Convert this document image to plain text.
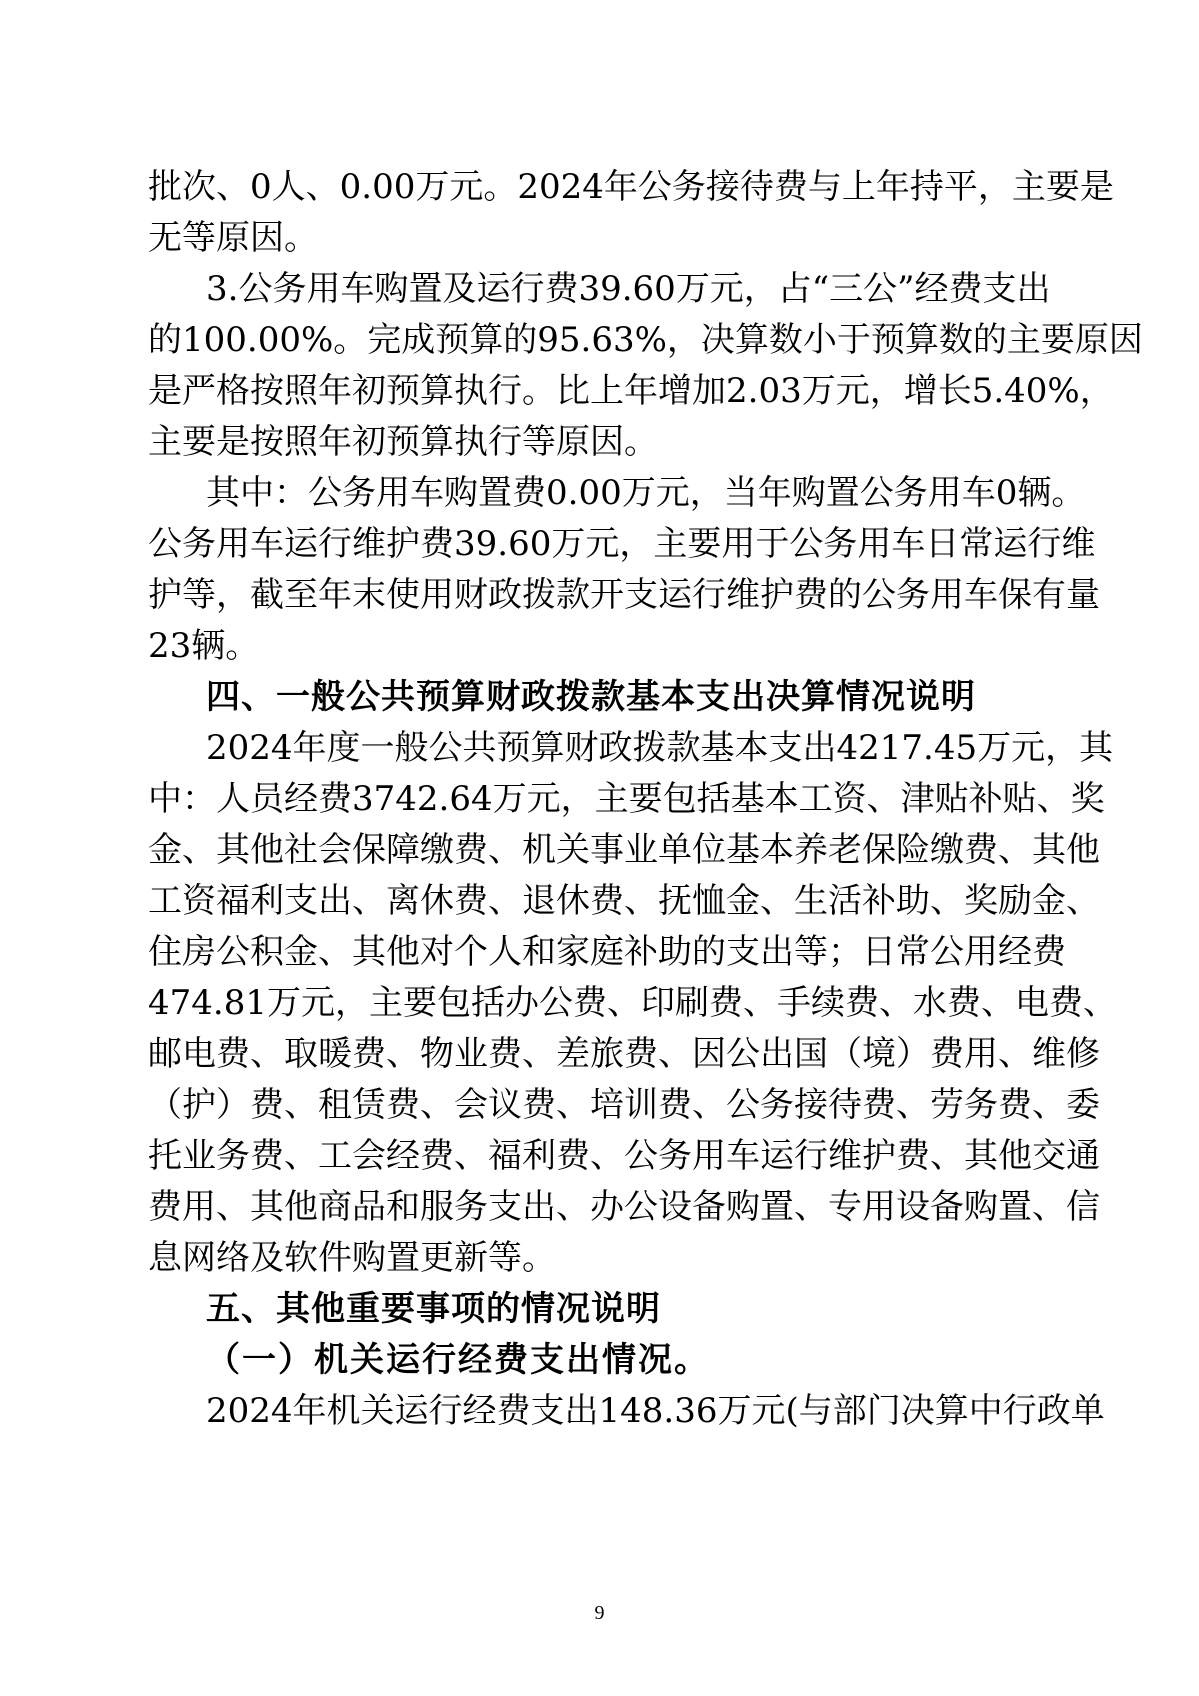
批次、0人、0.00万元。2024年公务接待费与上年持平，主要是
无等原因。
3.公务用车购置及运行费39.60万元，占“三公”经费支出
的100.00%。完成预算的95.63%，决算数小于预算数的主要原因
是严格按照年初预算执行。比上年增加2.03万元，增长5.40%，
主要是按照年初预算执行等原因。
其中：公务用车购置费0.00万元，当年购置公务用车0辆。
公务用车运行维护费39.60万元，主要用于公务用车日常运行维
护等，截至年末使用财政拨款开支运行维护费的公务用车保有量
23辆。
四、一般公共预算财政拨款基本支出决算情况说明
2024年度一般公共预算财政拨款基本支出4217.45万元，其
中：人员经费3742.64万元，主要包括基本工资、津贴补贴、奖
金、其他社会保障缴费、机关事业单位基本养老保险缴费、其他
工资福利支出、离休费、退休费、抚恤金、生活补助、奖励金、
住房公积金、其他对个人和家庭补助的支出等；日常公用经费
474.81万元，主要包括办公费、印刷费、手续费、水费、电费、
邮电费、取暖费、物业费、差旅费、因公出国（境）费用、维修
（护）费、租赁费、会议费、培训费、公务接待费、劳务费、委
托业务费、工会经费、福利费、公务用车运行维护费、其他交通
费用、其他商品和服务支出、办公设备购置、专用设备购置、信
息网络及软件购置更新等。
五、其他重要事项的情况说明
（一）机关运行经费支出情况。
2024年机关运行经费支出148.36万元(与部门决算中行政单
9
